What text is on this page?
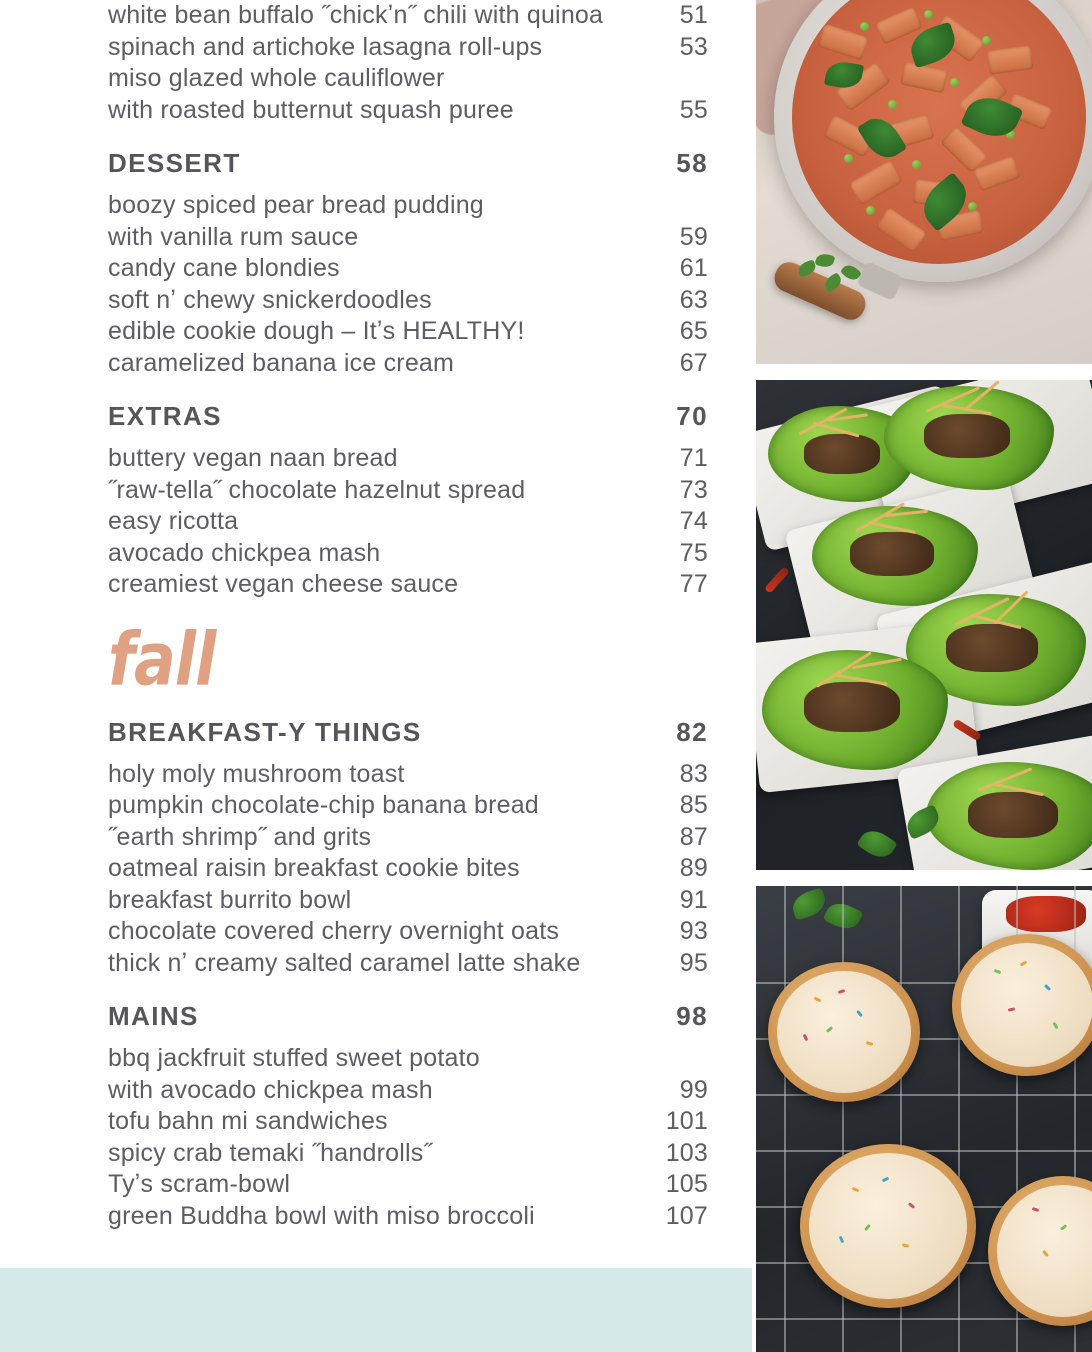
white bean buffalo ˝chickʼn˝ chili with quinoa	51
spinach and artichoke lasagna roll-ups	53
miso glazed whole cauliflower
with roasted butternut squash puree	55
DESSERT	58
boozy spiced pear bread pudding
with vanilla rum sauce	59
candy cane blondies	61
soft nʼ chewy snickerdoodles	63
edible cookie dough – Itʼs HEALTHY!	65
caramelized banana ice cream	67
EXTRAS	70
buttery vegan naan bread	71
˝raw-tella˝ chocolate hazelnut spread	73
easy ricotta	74
avocado chickpea mash	75
creamiest vegan cheese sauce	77
fall
BREAKFAST-Y THINGS	82
holy moly mushroom toast	83
pumpkin chocolate-chip banana bread	85
˝earth shrimp˝ and grits	87
oatmeal raisin breakfast cookie bites	89
breakfast burrito bowl	91
chocolate covered cherry overnight oats	93
thick nʼ creamy salted caramel latte shake	95
MAINS	98
bbq jackfruit stuffed sweet potato
with avocado chickpea mash	99
tofu bahn mi sandwiches	101
spicy crab temaki ˝handrolls˝	103
Tyʼs scram-bowl	105
green Buddha bowl with miso broccoli	107
